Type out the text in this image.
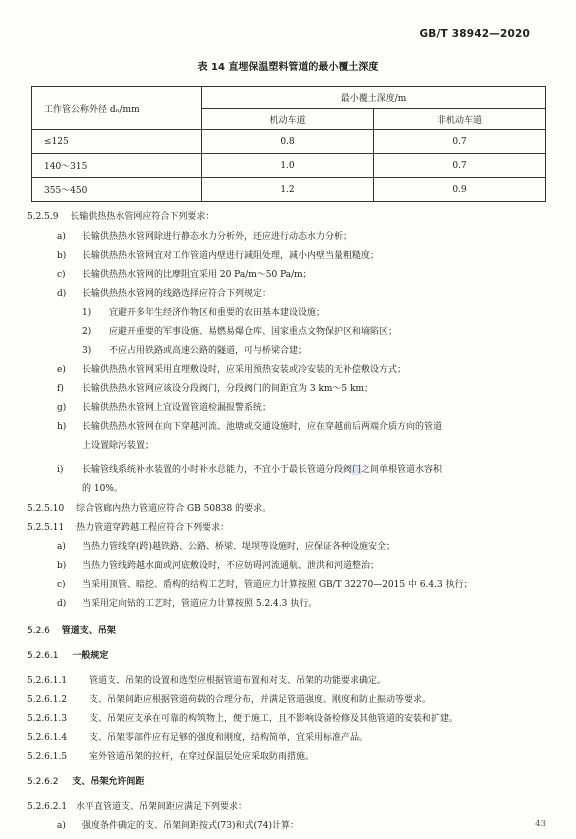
GB/T 38942—2020
表 14 直埋保温塑料管道的最小覆土深度
工作管公称外径 dₙ/mm	最小覆土深度/m	
	机动车道	非机动车道
≤125	0.8	0.7
140～315	1.0	0.7
355～450	1.2	0.9
5.2.5.9 长输供热热水管网应符合下列要求：
a) 长输供热热水管网除进行静态水力分析外，还应进行动态水力分析；
b) 长输供热热水管网宜对工作管道内壁进行减阻处理，减小内壁当量粗糙度；
c) 长输供热热水管网的比摩阻宜采用 20 Pa/m～50 Pa/m；
d) 长输供热热水管网的线路选择应符合下列规定：
1) 宜避开多年生经济作物区和重要的农田基本建设设施；
2) 应避开重要的军事设施、易燃易爆仓库、国家重点文物保护区和墒陷区；
3) 不应占用铁路或高速公路的隧道，可与桥梁合建；
e) 长输供热热水管网采用直埋敷设时，应采用预热安装或冷安装的无补偿敷设方式；
f) 长输供热热水管网应该设分段阀门，分段阀门的间距宜为 3 km～5 km；
g) 长输供热热水管网上宜设置管道检漏报警系统；
h) 长输供热热水管网在向下穿越河流、池塘或交通设施时，应在穿越前后两端介质方向的管道
上设置除污装置；
i) 长输管线系统补水装置的小时补水总能力，不宜小于最长管道分段阀门之间单根管道水容积
的 10%。
5.2.5.10 综合管廊内热力管道应符合 GB 50838 的要求。
5.2.5.11 热力管道穿跨越工程应符合下列要求：
a) 当热力管线穿(跨)越铁路、公路、桥梁、堤坝等设施时，应保证各种设施安全；
b) 当热力管线跨越水面或河底敷设时，不应妨碍河流通航、泄洪和河道整治；
c) 当采用顶管、暗挖、盾构的结构工艺时，管道应力计算按照 GB/T 32270—2015 中 6.4.3 执行；
d) 当采用定向钻的工艺时，管道应力计算按照 5.2.4.3 执行。
5.2.6 管道支、吊架
5.2.6.1 一般规定
5.2.6.1.1 管道支、吊架的设置和选型应根据管道布置和对支、吊架的功能要求确定。
5.2.6.1.2 支、吊架间距应根据管道荷载的合理分布，并满足管道强度、刚度和防止振动等要求。
5.2.6.1.3 支、吊架应支承在可靠的构筑物上，便于施工，且不影响设备检修及其他管道的安装和扩建。
5.2.6.1.4 支、吊架零部件应有足够的强度和刚度，结构简单，宜采用标准产品。
5.2.6.1.5 室外管道吊架的拉杆，在穿过保温层处应采取防雨措施。
5.2.6.2 支、吊架允许间距
5.2.6.2.1 水平直管道支、吊架间距应满足下列要求：
a) 强度条件确定的支、吊架间距按式(73)和式(74)计算：	43
